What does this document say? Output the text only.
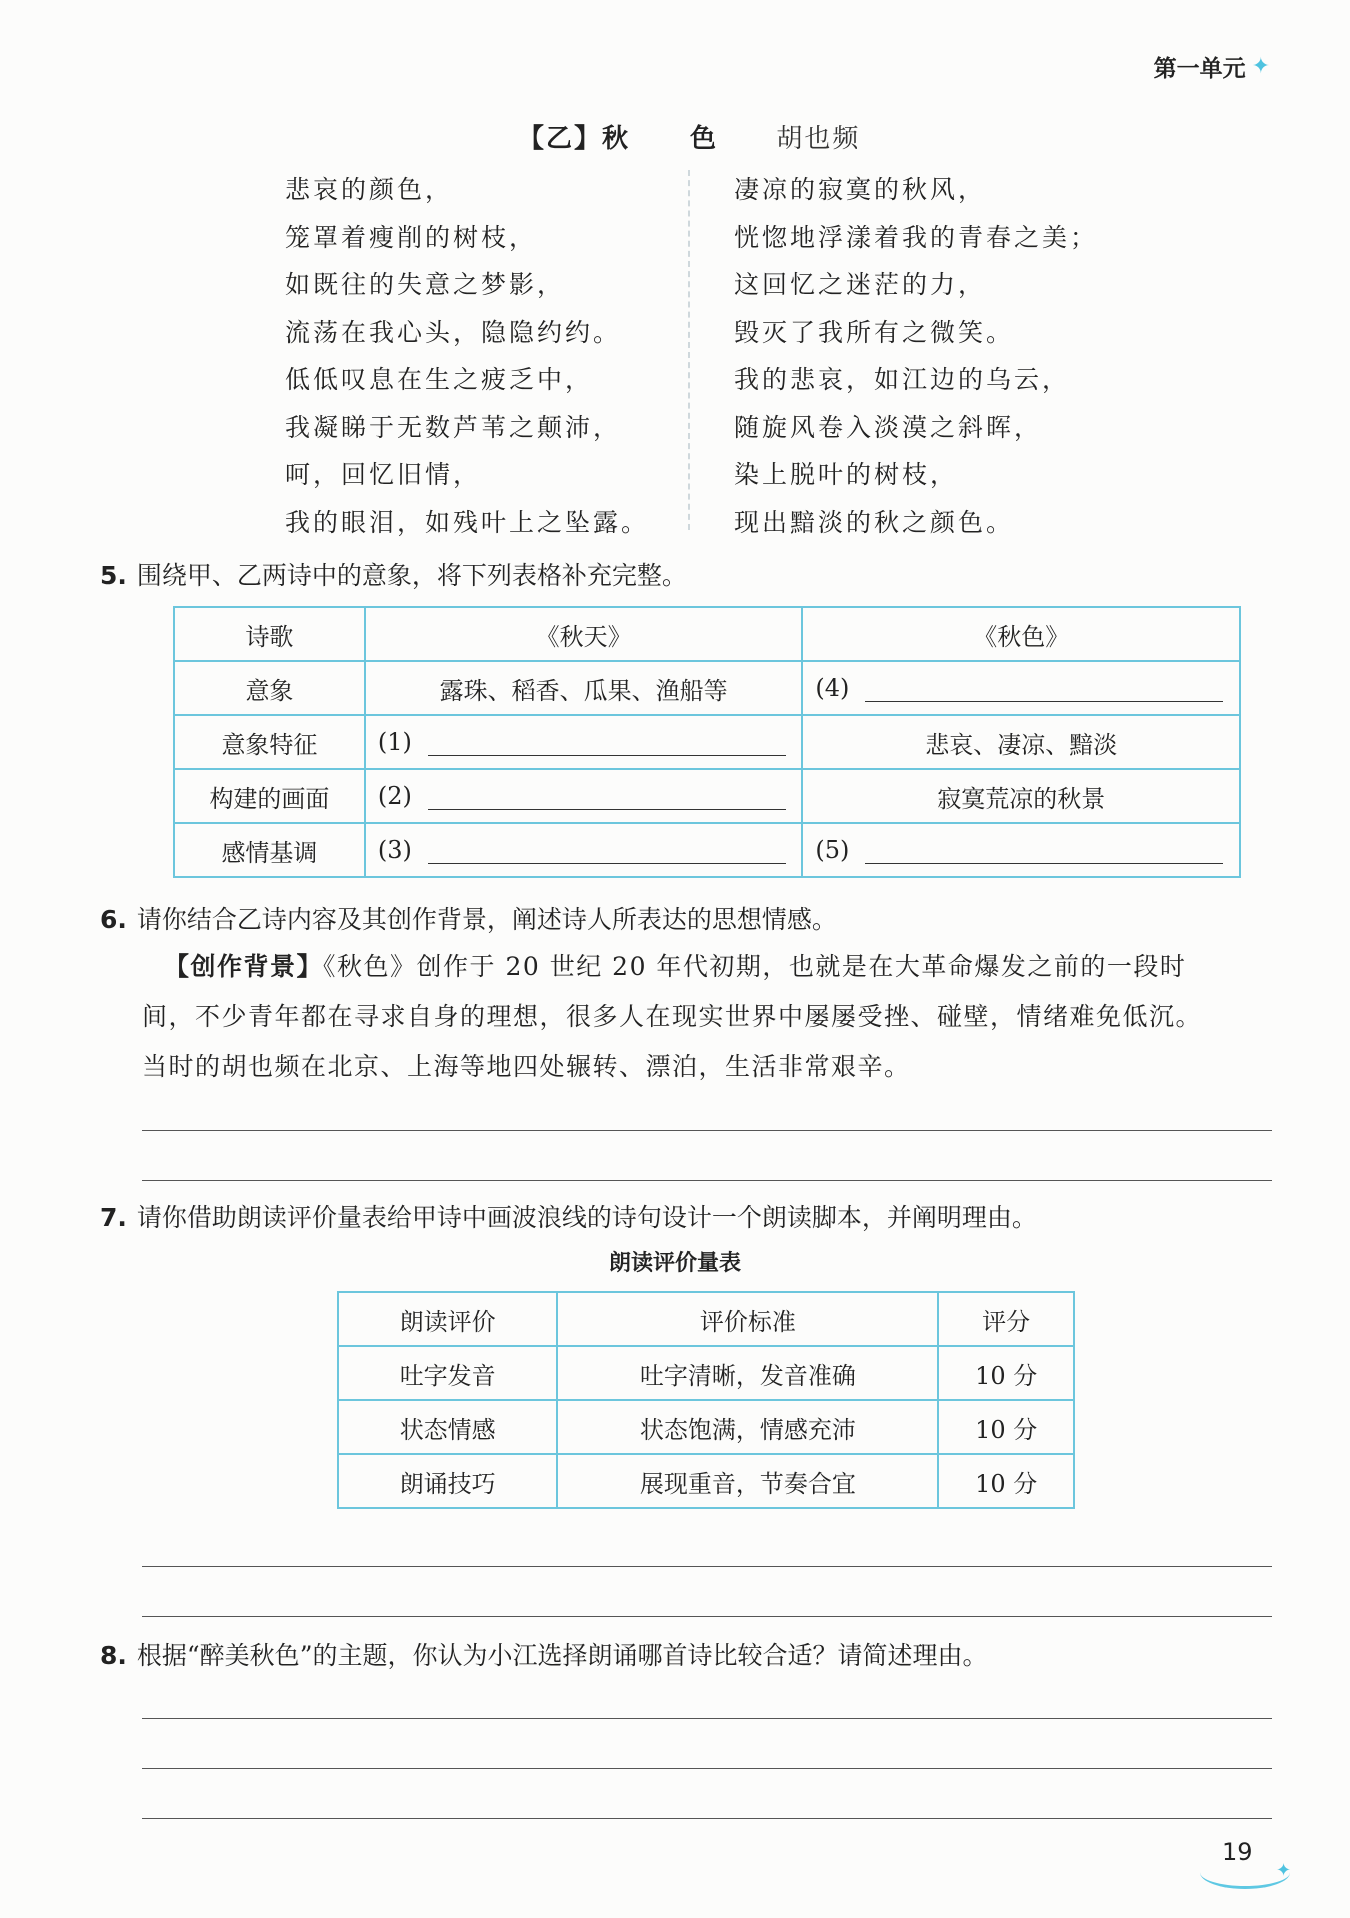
第一单元 ✦
【乙】秋 色 胡也频
悲哀的颜色，
笼罩着瘦削的树枝，
如既往的失意之梦影，
流荡在我心头，隐隐约约。
低低叹息在生之疲乏中，
我凝睇于无数芦苇之颠沛，
呵，回忆旧情，
我的眼泪，如残叶上之坠露。
凄凉的寂寞的秋风，
恍惚地浮漾着我的青春之美；
这回忆之迷茫的力，
毁灭了我所有之微笑。
我的悲哀，如江边的乌云，
随旋风卷入淡漠之斜晖，
染上脱叶的树枝，
现出黯淡的秋之颜色。
5. 围绕甲、乙两诗中的意象，将下列表格补充完整。
诗歌	《秋天》	《秋色》
意象	露珠、稻香、瓜果、渔船等	(4)
意象特征	(1)	悲哀、凄凉、黯淡
构建的画面	(2)	寂寞荒凉的秋景
感情基调	(3)	(5)
6. 请你结合乙诗内容及其创作背景，阐述诗人所表达的思想情感。
【创作背景】《秋色》创作于 20 世纪 20 年代初期，也就是在大革命爆发之前的一段时
间，不少青年都在寻求自身的理想，很多人在现实世界中屡屡受挫、碰壁，情绪难免低沉。
当时的胡也频在北京、上海等地四处辗转、漂泊，生活非常艰辛。
7. 请你借助朗读评价量表给甲诗中画波浪线的诗句设计一个朗读脚本，并阐明理由。
朗读评价量表
朗读评价	评价标准	评分
吐字发音	吐字清晰，发音准确	10 分
状态情感	状态饱满，情感充沛	10 分
朗诵技巧	展现重音，节奏合宜	10 分
8. 根据“醉美秋色”的主题，你认为小江选择朗诵哪首诗比较合适？请简述理由。
19
✦
